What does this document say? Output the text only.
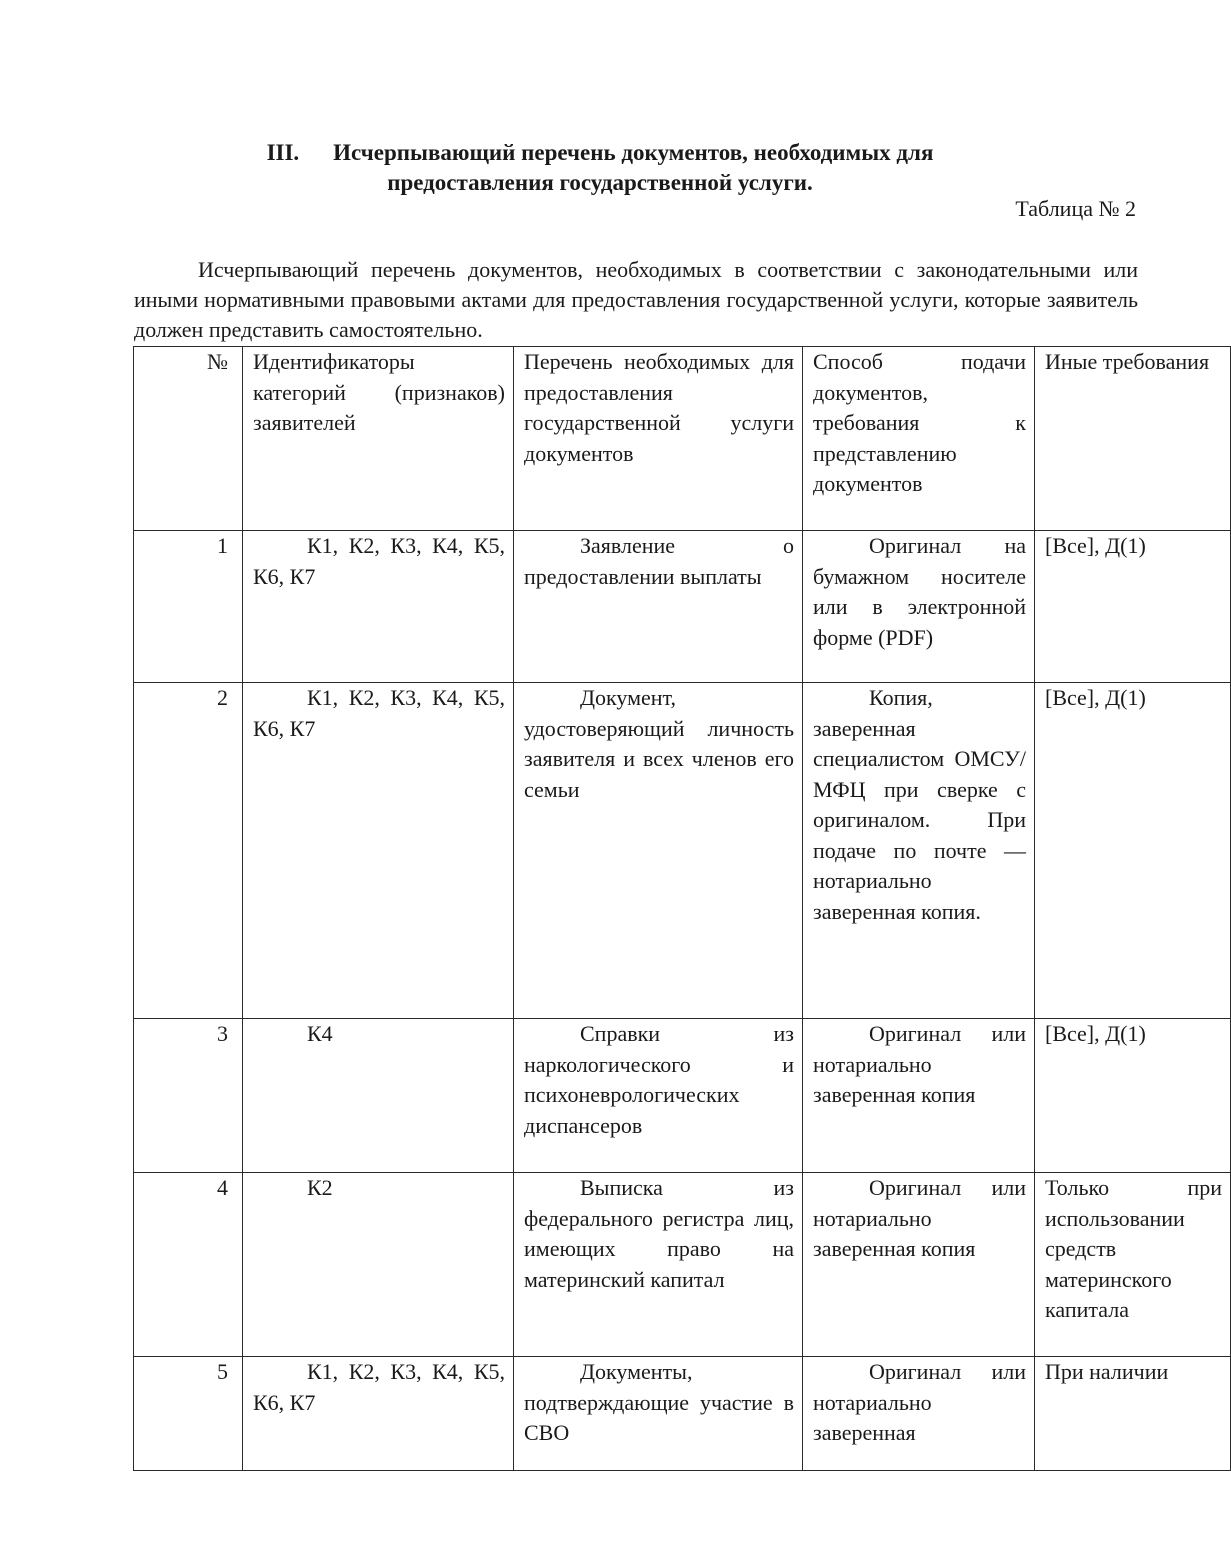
III. Исчерпывающий перечень документов, необходимых для
предоставления государственной услуги.
Таблица № 2
Исчерпывающий перечень документов, необходимых в соответствии с законодательными или иными нормативными правовыми актами для предоставления государственной услуги, которые заявитель должен представить самостоятельно.
№	Идентификаторы категорий (признаков) заявителей	Перечень необходимых для предоставления государственной услуги документов	Способ подачи документов, требования к представлению документов	Иные требования
1	К1, К2, К3, К4, К5, К6, К7	Заявление о предоставлении выплаты	Оригинал на бумажном носителе или в электронной форме (PDF)	[Все], Д(1)
2	К1, К2, К3, К4, К5, К6, К7	Документ, удостоверяющий личность заявителя и всех членов его семьи	Копия, заверенная специалистом ОМСУ/МФЦ при сверке с оригиналом. При подаче по почте — нотариально заверенная копия.	[Все], Д(1)
3	К4	Справки из наркологического и психоневрологических диспансеров	Оригинал или нотариально заверенная копия	[Все], Д(1)
4	К2	Выписка из федерального регистра лиц, имеющих право на материнский капитал	Оригинал или нотариально заверенная копия	Только при использовании средств материнского капитала
5	К1, К2, К3, К4, К5, К6, К7	Документы, подтверждающие участие в СВО	Оригинал или нотариально заверенная	При наличии
